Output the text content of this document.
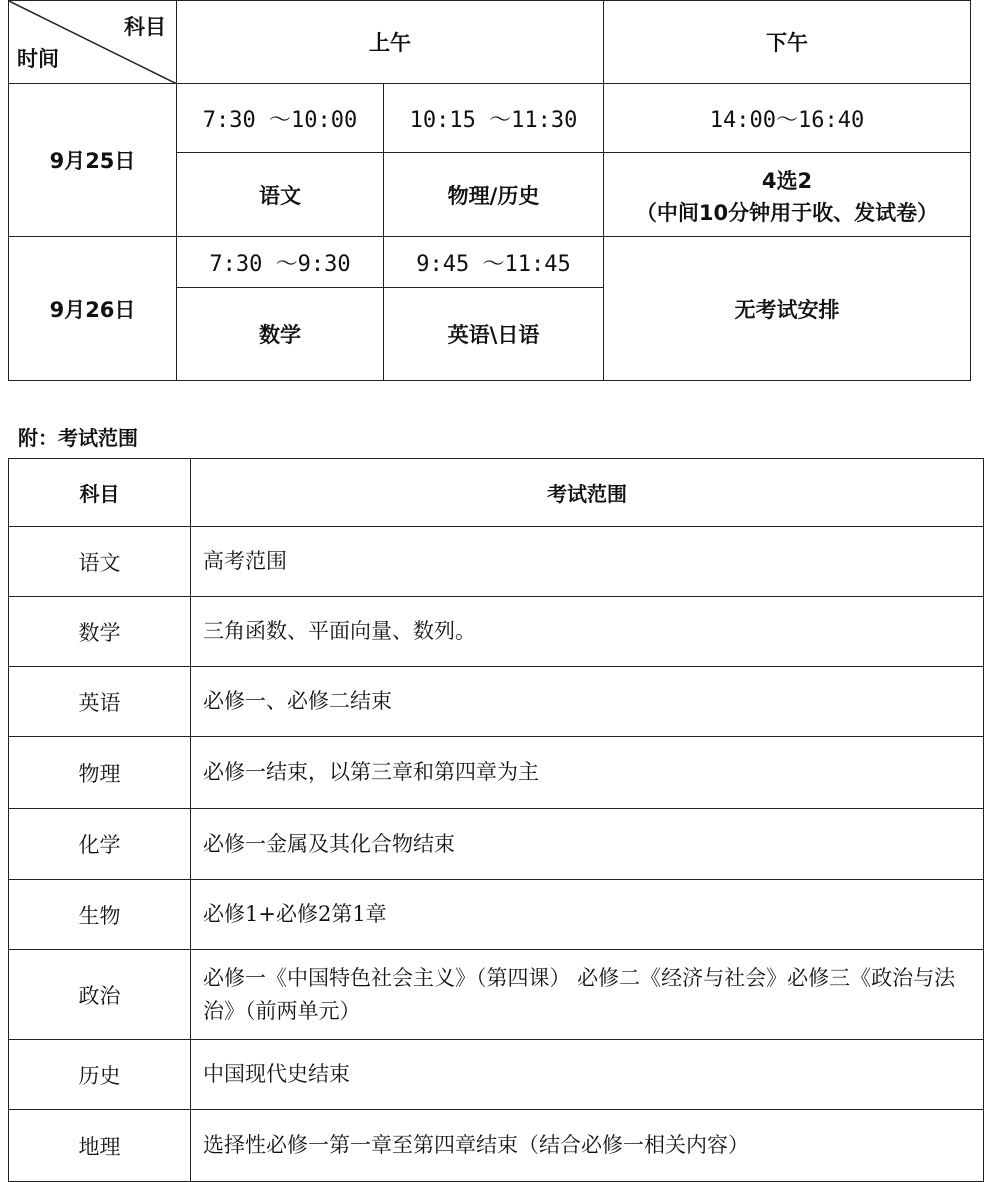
科目
时间	上午		下午
9月25日	7:30 ～10:00	10:15 ～11:30	14:00～16:40
	语文	物理/历史	4选2
（中间10分钟用于收、发试卷）

9月26日	7:30 ～9:30	9:45 ～11:45	无考试安排
	数学	英语\日语	
附：考试范围
科目	考试范围
语文	高考范围
数学	三角函数、平面向量、数列。
英语	必修一、必修二结束
物理	必修一结束，以第三章和第四章为主
化学	必修一金属及其化合物结束
生物	必修1+必修2第1章
政治	必修一《中国特色社会主义》（第四课） 必修二《经济与社会》必修三《政治与法治》（前两单元）
历史	中国现代史结束
地理	选择性必修一第一章至第四章结束（结合必修一相关内容）
